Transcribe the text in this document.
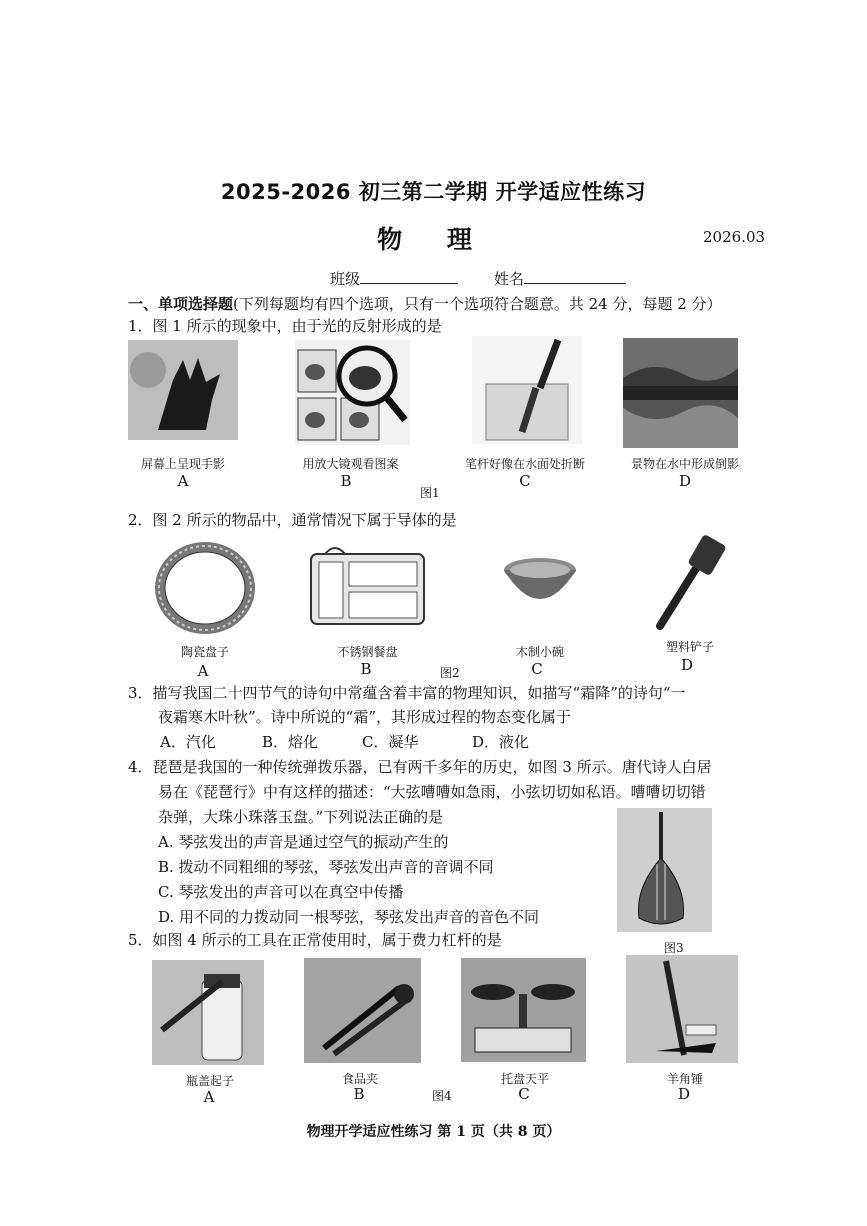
2025-2026 初三第二学期 开学适应性练习
物 理	2026.03
班级	姓名
一、单项选择题(下列每题均有四个选项，只有一个选项符合题意。共 24 分，每题 2 分）
1．图 1 所示的现象中，由于光的反射形成的是
屏幕上呈现手影	用放大镜观看图案	笔杆好像在水面处折断	景物在水中形成倒影
A	B	C	D
图1
2．图 2 所示的物品中，通常情况下属于导体的是
陶瓷盘子	不锈钢餐盘	木制小碗	塑料铲子
A	B	C	D
图2
3．描写我国二十四节气的诗句中常蕴含着丰富的物理知识，如描写“霜降”的诗句“一
夜霜寒木叶秋”。诗中所说的“霜”，其形成过程的物态变化属于
A．汽化	B．熔化	C．凝华	D．液化
4．琵琶是我国的一种传统弹拨乐器，已有两千多年的历史，如图 3 所示。唐代诗人白居
易在《琵琶行》中有这样的描述：“大弦嘈嘈如急雨，小弦切切如私语。嘈嘈切切错
杂弹，大珠小珠落玉盘。”下列说法正确的是
A. 琴弦发出的声音是通过空气的振动产生的
B. 拨动不同粗细的琴弦，琴弦发出声音的音调不同
C. 琴弦发出的声音可以在真空中传播
D. 用不同的力拨动同一根琴弦，琴弦发出声音的音色不同
图3
5．如图 4 所示的工具在正常使用时，属于费力杠杆的是
瓶盖起子	食品夹	托盘天平	羊角锤
A	B	C	D
图4
物理开学适应性练习 第 1 页（共 8 页）
